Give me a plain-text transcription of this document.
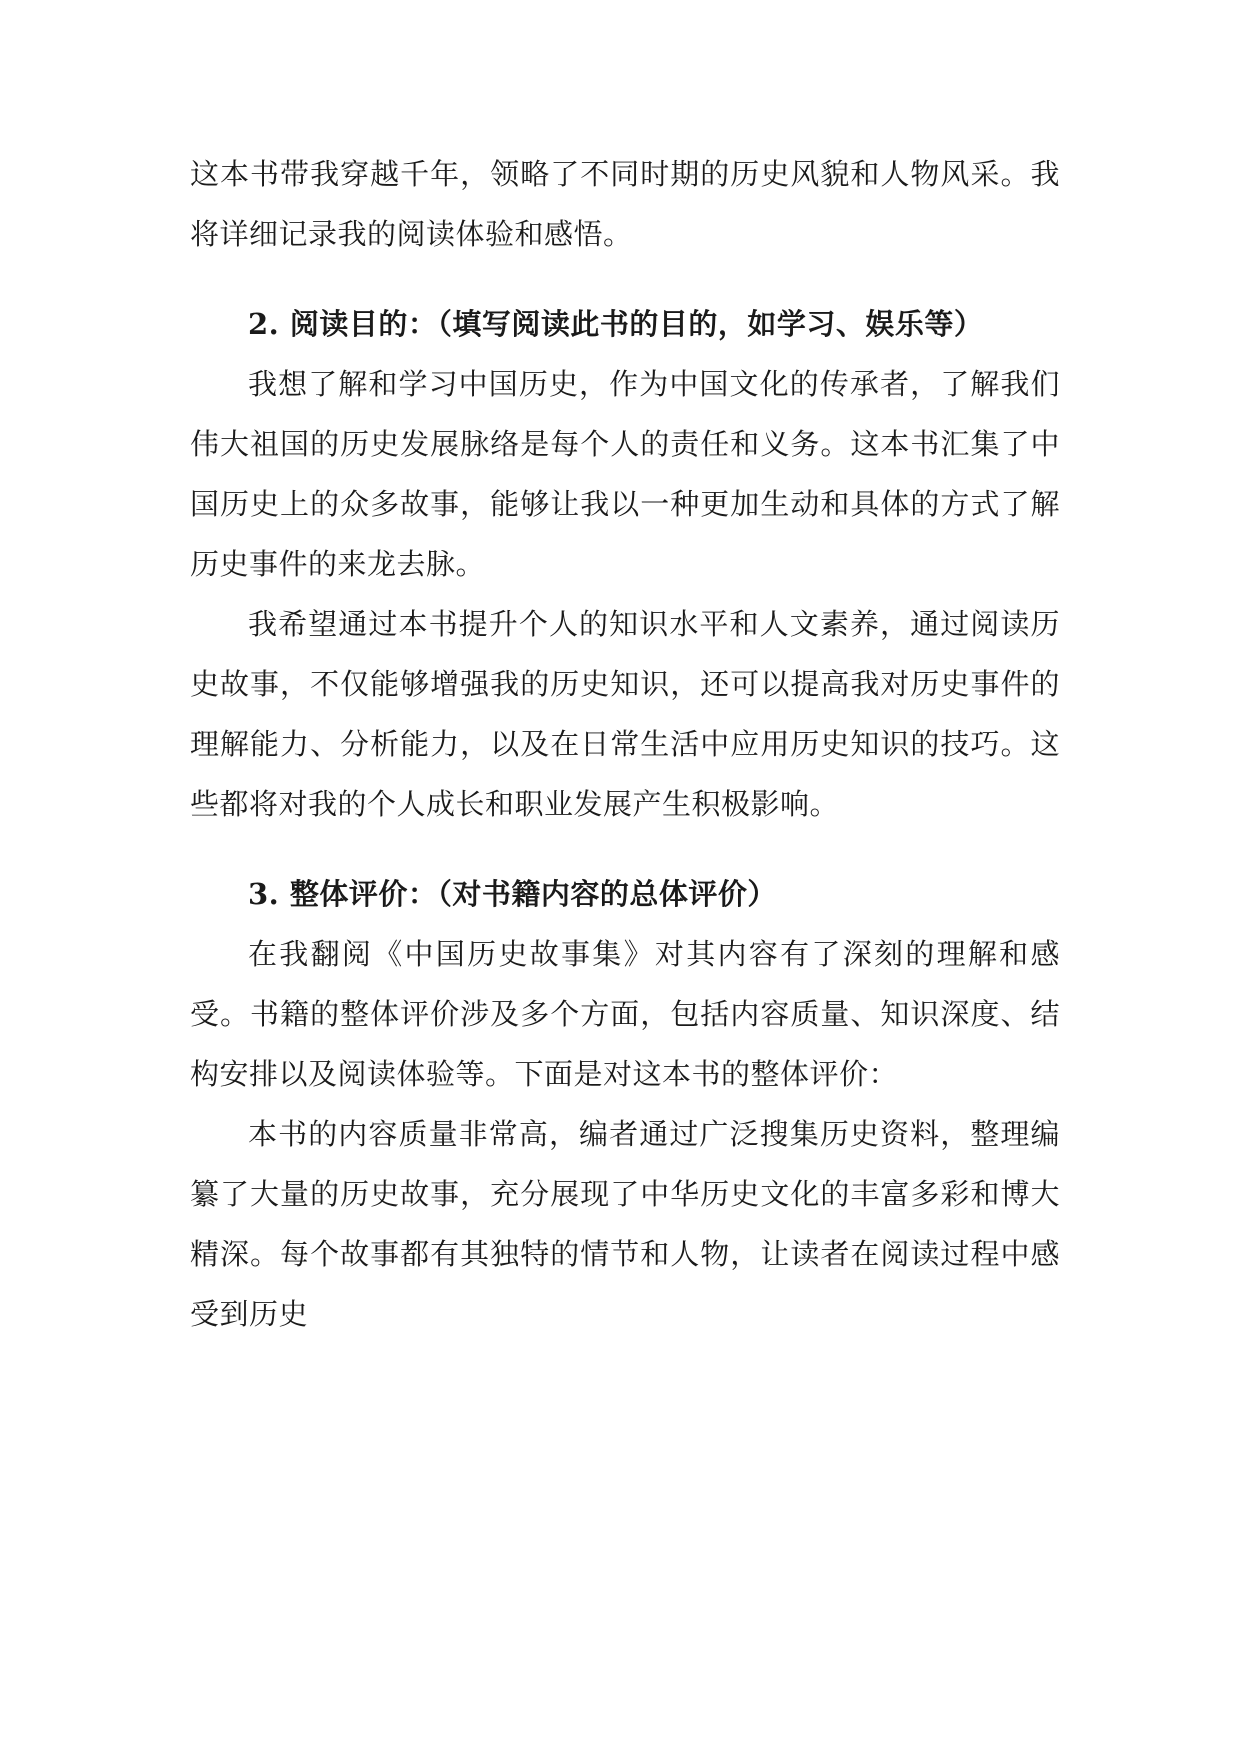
这本书带我穿越千年，领略了不同时期的历史风貌和人物风采。我将详细记录我的阅读体验和感悟。

2. 阅读目的：（填写阅读此书的目的，如学习、娱乐等）

我想了解和学习中国历史，作为中国文化的传承者，了解我们伟大祖国的历史发展脉络是每个人的责任和义务。这本书汇集了中国历史上的众多故事，能够让我以一种更加生动和具体的方式了解历史事件的来龙去脉。

我希望通过本书提升个人的知识水平和人文素养，通过阅读历史故事，不仅能够增强我的历史知识，还可以提高我对历史事件的理解能力、分析能力，以及在日常生活中应用历史知识的技巧。这些都将对我的个人成长和职业发展产生积极影响。

3. 整体评价：（对书籍内容的总体评价）

在我翻阅《中国历史故事集》对其内容有了深刻的理解和感受。书籍的整体评价涉及多个方面，包括内容质量、知识深度、结构安排以及阅读体验等。下面是对这本书的整体评价：

本书的内容质量非常高，编者通过广泛搜集历史资料，整理编纂了大量的历史故事，充分展现了中华历史文化的丰富多彩和博大精深。每个故事都有其独特的情节和人物，让读者在阅读过程中感受到历史
